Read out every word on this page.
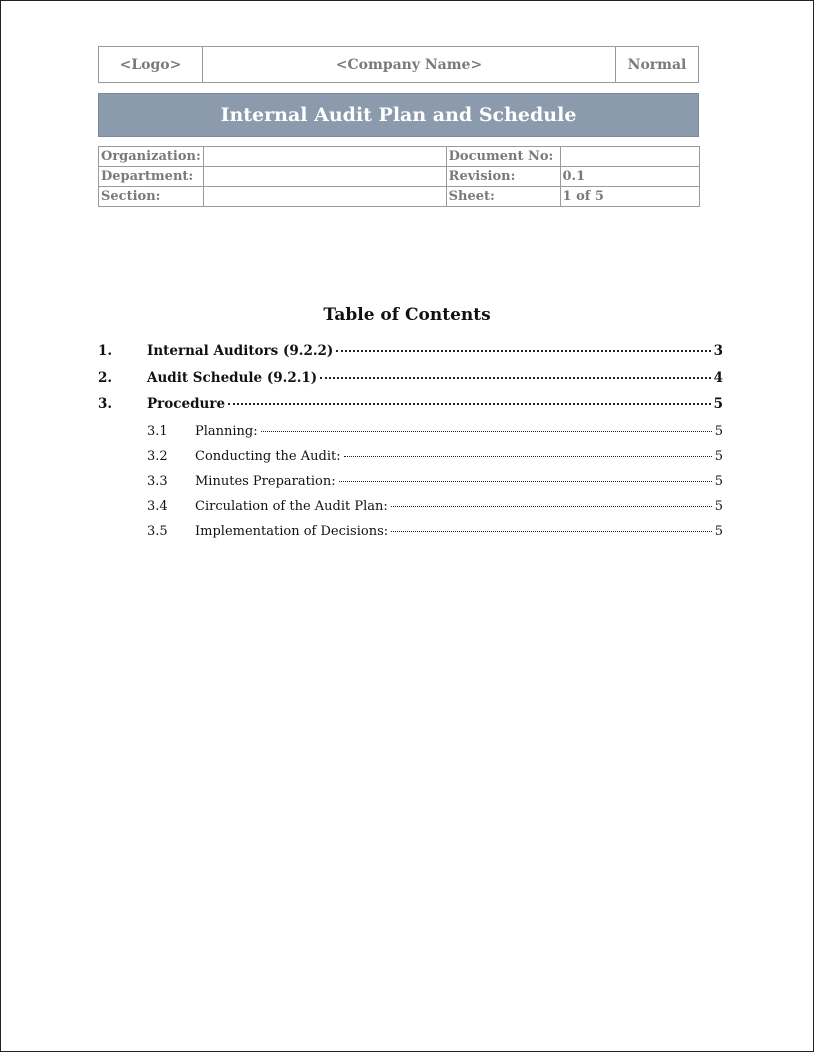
<Logo>	<Company Name>	Normal
Internal Audit Plan and Schedule
Organization:		Document No:	
Department:		Revision:	0.1
Section:		Sheet:	1 of 5
Table of Contents
1.	Internal Auditors (9.2.2)	3
2.	Audit Schedule (9.2.1)	4
3.	Procedure	5
3.1	Planning:	5
3.2	Conducting the Audit:	5
3.3	Minutes Preparation:	5
3.4	Circulation of the Audit Plan:	5
3.5	Implementation of Decisions:	5
